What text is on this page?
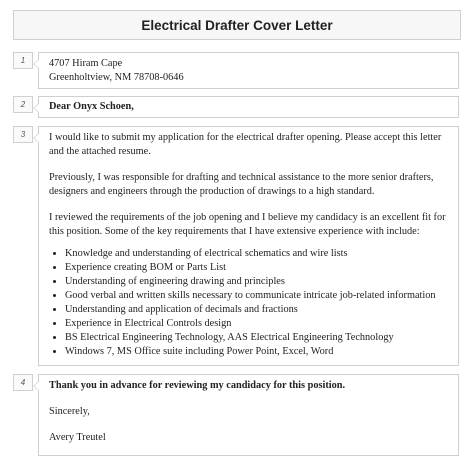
Electrical Drafter Cover Letter
1	4707 Hiram Cape

Greenholtview, NM 78708-0646

2	Dear Onyx Schoen,

3	I would like to submit my application for the electrical drafter opening. Please accept this letter and the attached resume.

Previously, I was responsible for drafting and technical assistance to the more senior drafters, designers and engineers through the production of drawings to a high standard.

I reviewed the requirements of the job opening and I believe my candidacy is an excellent fit for this position. Some of the key requirements that I have extensive experience with include:

• Knowledge and understanding of electrical schematics and wire lists
• Experience creating BOM or Parts List
• Understanding of engineering drawing and principles
• Good verbal and written skills necessary to communicate intricate job-related information
• Understanding and application of decimals and fractions
• Experience in Electrical Controls design
• BS Electrical Engineering Technology, AAS Electrical Engineering Technology
• Windows 7, MS Office suite including Power Point, Excel, Word
4	Thank you in advance for reviewing my candidacy for this position.

Sincerely,

Avery Treutel
